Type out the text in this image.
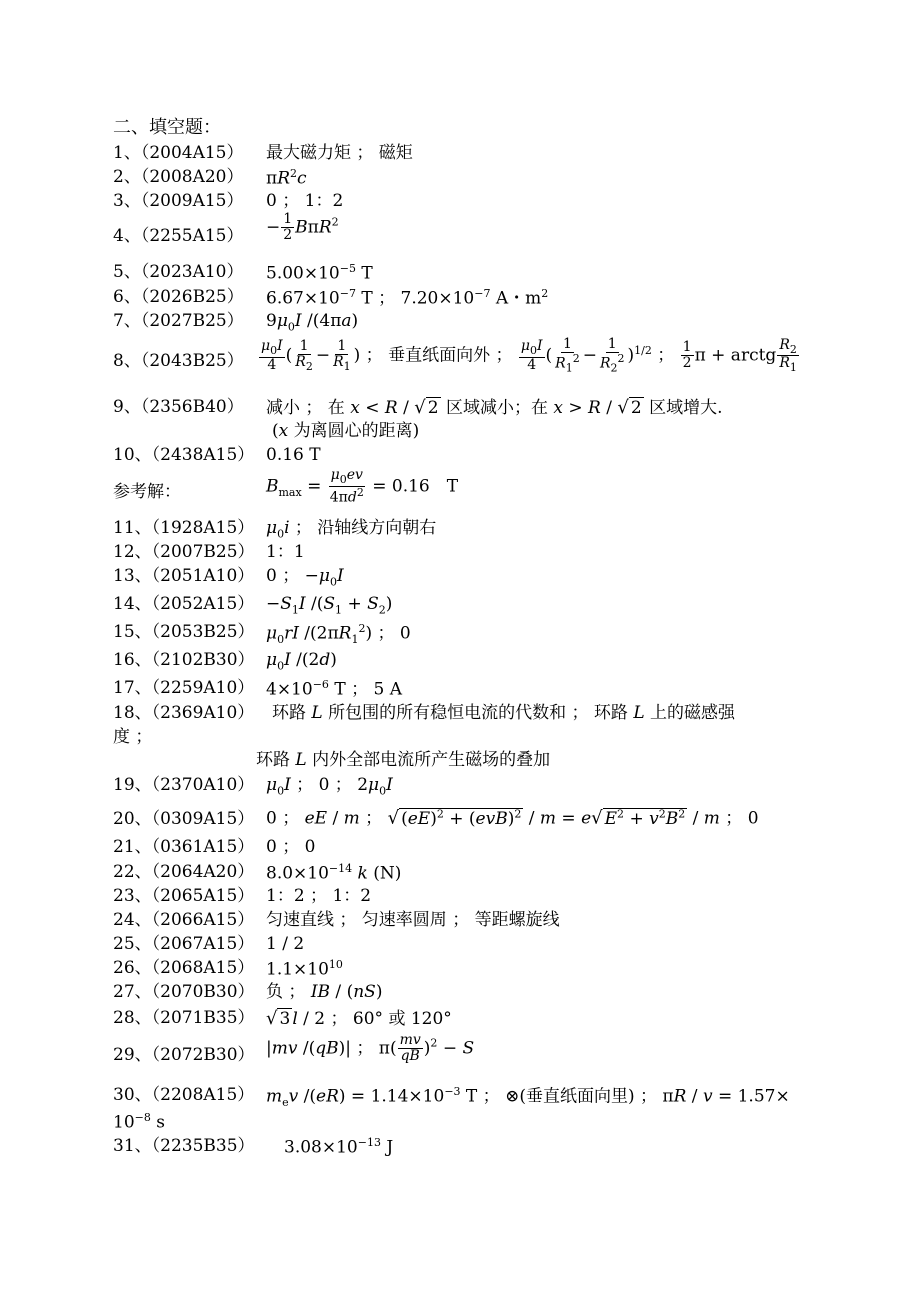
二、填空题：
1、（2004A15） 最大磁力矩 ； 磁矩
2、（2008A20） $\pi R^2c$
3、（2009A15） 0 ； 1：2
4、$(2255A15) - \frac{1}{2} B\pi R^2$
5、（2023A10） $5.00\times 10^{-5}$ T
6、（2026B25） $6.67\times 10^{-7}$ T ； $7.20\times 10^{-7}$ A・$m^2$
7、（2027B25） $9\mu_0I$ /(4πa)
8、$(2043B25) \frac{\mu_0I}{4}$ ( $\frac{1}{R_2} - \frac{1}{R_1}$ ) ； 垂直纸面向外 ； $\frac{\mu_0I}{4}$ ( $\frac{1}{R_1^2} - \frac{1}{R_2^2} )^{1/2}$ ； $\frac{1}{2}$ π + arctg $\frac{R_2}{R_1}$
9、（2356B40） 减小 ； 在 x < R / √ 2 区域减小；在 x > R / √ 2 区域增大.
(x 为离圆心的距离)
10、（2438A15） 0.16 T
参考解：	$B_{max} = \frac{\mu_0ev}{4\pi d^2} = 0.16$　T
11、（1928A15） $\mu_0i$ ； 沿轴线方向朝右
12、（2007B25） 1：1
13、（2051A10） 0 ； $-\mu_0I$
14、$(2052A15) -S_1I$ $/(S_1 + S_2)$
15、（2053B25） $\mu_0rI$ $/(2\pi R_1^2)$ ； 0
16、（2102B30） $\mu_0I$ /(2d)
17、（2259A10） $4\times 10^{-6}$ T ； 5 A
18、（2369A10） 环路 L 所包围的所有稳恒电流的代数和 ； 环路 L 上的磁感强
度 ；
环路 L 内外全部电流所产生磁场的叠加
19、（2370A10） $\mu_0I$ ； 0 ； $2\mu_0I$
20、（0309A15） 0 ； eE / m ； √ (eE)$^2$ + (evB)$^2$ / m = e√ $E^2 + v^2B^2 / m$ ； 0
21、（0361A15） 0 ； 0
22、（2064A20） $8.0\times 10^{-14}$ k (N)
23、（2065A15） 1：2 ； 1：2
24、（2066A15） 匀速直线 ； 匀速率圆周 ； 等距螺旋线
25、（2067A15） 1 / 2
26、（2068A15） $1.1\times 10^{10}$
27、（2070B30） 负 ； IB / (nS)
28、（2071B35） √ 3 l / 2 ； 60° 或 120°
29、（2072B30） |mv /(qB)| ； $\pi( \frac{mv}{qB} )^2 - S$
30、（2208A15） $m_ev$ $/(eR) = 1.14\times 10^{-3}$ T ； ⊗(垂直纸面向里) ； πR / v = 1.57×
$10^{-8}$ s
31、（2235B35） $3.08\times 10^{-13}$ J
